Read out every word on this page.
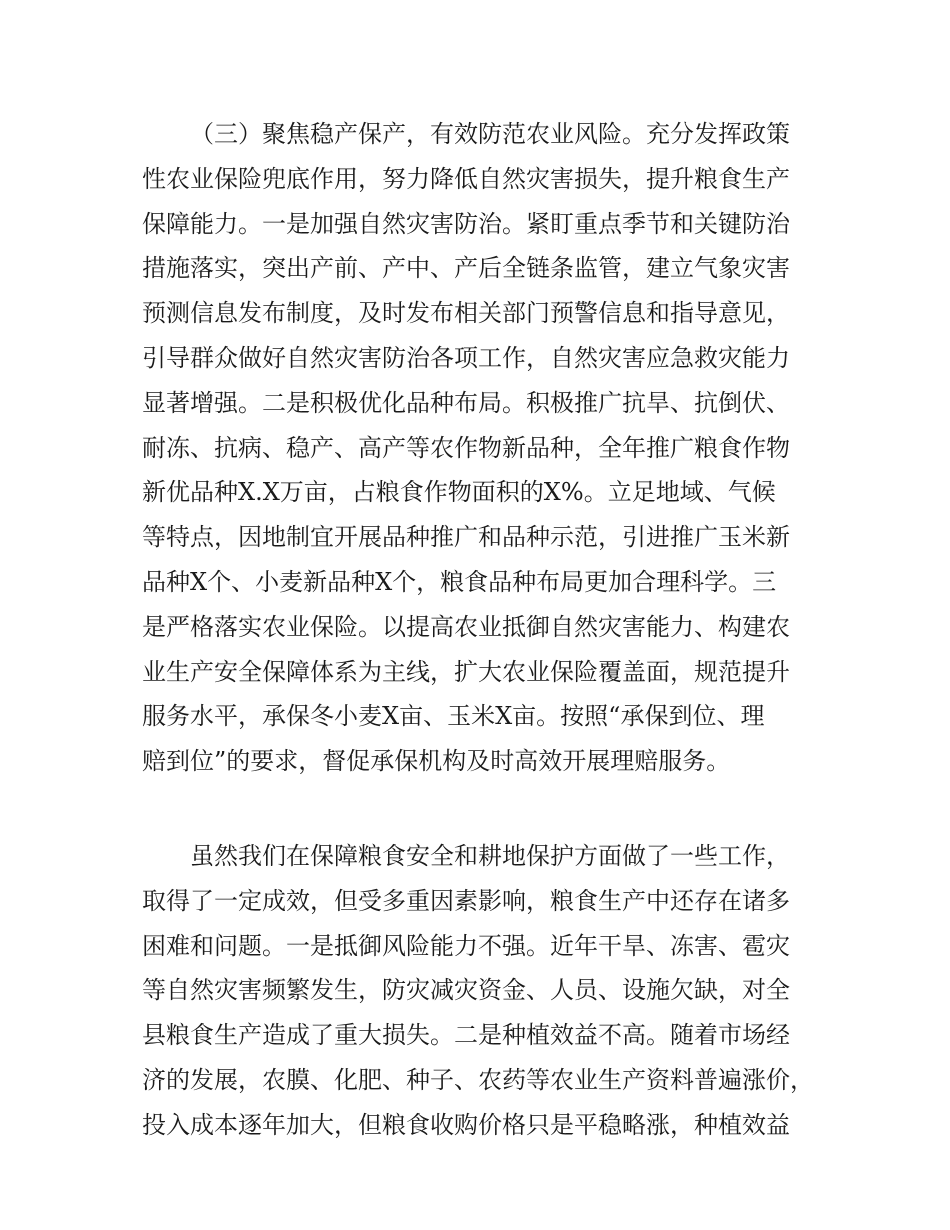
（三）聚焦稳产保产，有效防范农业风险。充分发挥政策
性农业保险兜底作用，努力降低自然灾害损失，提升粮食生产
保障能力。一是加强自然灾害防治。紧盯重点季节和关键防治
措施落实，突出产前、产中、产后全链条监管，建立气象灾害
预测信息发布制度，及时发布相关部门预警信息和指导意见，
引导群众做好自然灾害防治各项工作，自然灾害应急救灾能力
显著增强。二是积极优化品种布局。积极推广抗旱、抗倒伏、
耐冻、抗病、稳产、高产等农作物新品种，全年推广粮食作物
新优品种X.X万亩，占粮食作物面积的X%。立足地域、气候
等特点，因地制宜开展品种推广和品种示范，引进推广玉米新
品种X个、小麦新品种X个，粮食品种布局更加合理科学。三
是严格落实农业保险。以提高农业抵御自然灾害能力、构建农
业生产安全保障体系为主线，扩大农业保险覆盖面，规范提升
服务水平，承保冬小麦X亩、玉米X亩。按照“承保到位、理
赔到位”的要求，督促承保机构及时高效开展理赔服务。
虽然我们在保障粮食安全和耕地保护方面做了一些工作，
取得了一定成效，但受多重因素影响，粮食生产中还存在诸多
困难和问题。一是抵御风险能力不强。近年干旱、冻害、雹灾
等自然灾害频繁发生，防灾减灾资金、人员、设施欠缺，对全
县粮食生产造成了重大损失。二是种植效益不高。随着市场经
济的发展，农膜、化肥、种子、农药等农业生产资料普遍涨价，
投入成本逐年加大，但粮食收购价格只是平稳略涨，种植效益
